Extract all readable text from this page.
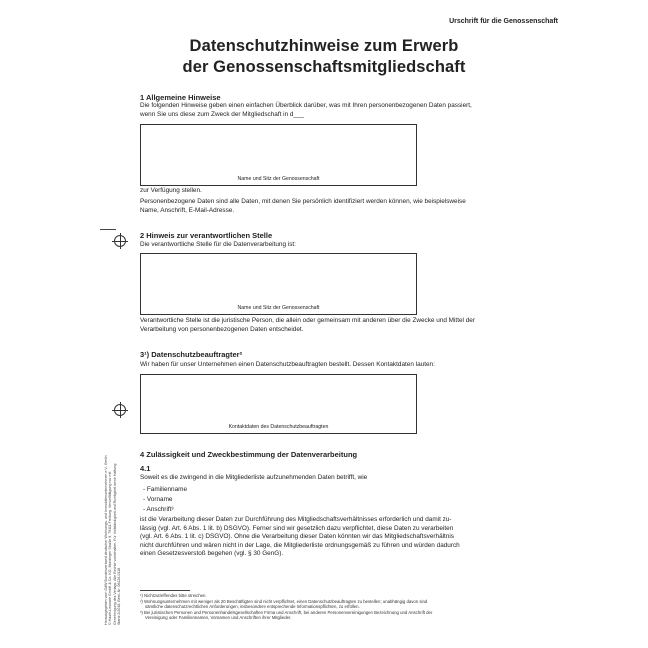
Urschrift für die Genossenschaft
Datenschutzhinweise zum Erwerb
der Genossenschaftsmitgliedschaft
1 Allgemeine Hinweise
Die folgenden Hinweise geben einen einfachen Überblick darüber, was mit Ihren personenbezogenen Daten passiert,
wenn Sie uns diese zum Zweck der Mitgliedschaft in d___
Name und Sitz der Genossenschaft
zur Verfügung stellen.
Personenbezogene Daten sind alle Daten, mit denen Sie persönlich identifiziert werden können, wie beispielsweise
Name, Anschrift, E-Mail-Adresse.
2 Hinweis zur verantwortlichen Stelle
Die verantwortliche Stelle für die Datenverarbeitung ist:
Name und Sitz der Genossenschaft
Verantwortliche Stelle ist die juristische Person, die allein oder gemeinsam mit anderen über die Zwecke und Mittel der
Verarbeitung von personenbezogenen Daten entscheidet.
3¹) Datenschutzbeauftragter²
Wir haben für unser Unternehmen einen Datenschutzbeauftragten bestellt. Dessen Kontaktdaten lauten:
Kontaktdaten des Datenschutzbeauftragten
4 Zulässigkeit und Zweckbestimmung der Datenverarbeitung
4.1
Soweit es die zwingend in die Mitgliederliste aufzunehmenden Daten betrifft, wie
- Familienname
- Vorname
- Anschrift³
ist die Verarbeitung dieser Daten zur Durchführung des Mitgliedschaftsverhältnisses erforderlich und damit zu-
lässig (vgl. Art. 6 Abs. 1 lit. b) DSGVO). Ferner sind wir gesetzlich dazu verpflichtet, diese Daten zu verarbeiten
(vgl. Art. 6 Abs. 1 lit. c) DSGVO). Ohne die Verarbeitung dieser Daten könnten wir das Mitgliedschaftsverhältnis
nicht durchführen und wären nicht in der Lage, die Mitgliederliste ordnungsgemäß zu führen und würden dadurch
einen Gesetzesverstoß begehen (vgl. § 30 GenG).
¹) Nichtzutreffendes bitte streichen.
²) Wohnungsunternehmen mit weniger als 20 Beschäftigten sind nicht verpflichtet, einen Datenschutzbeauftragten zu bestellen; unabhängig davon sind
sämtliche datenschutzrechtlichen Anforderungen, insbesondere entsprechende Informationspflichten, zu erfüllen.
³) Bei juristischen Personen und Personenhandelsgesellschaften Firma und Anschrift, bei anderen Personenvereinigungen Bezeichnung und Anschrift der
Vereinigung oder Familiennamen, Vornamen und Anschriften ihrer Mitglieder.
Herausgegeben vom GdW Bundesverband deutscher Wohnungs- und Immobilienunternehmen e.V., Berlin © Haufe-Lexware GmbH & Co. KG, Munzinger Straße 9, 79111 Freiburg. Vervielfältigung nur mit Genehmigung des Verlags. Alle Rechte vorbehalten. Für Vollständigkeit und Richtigkeit keine Haftung. Stand 2/2018, Best.-Nr. 06226-0118
